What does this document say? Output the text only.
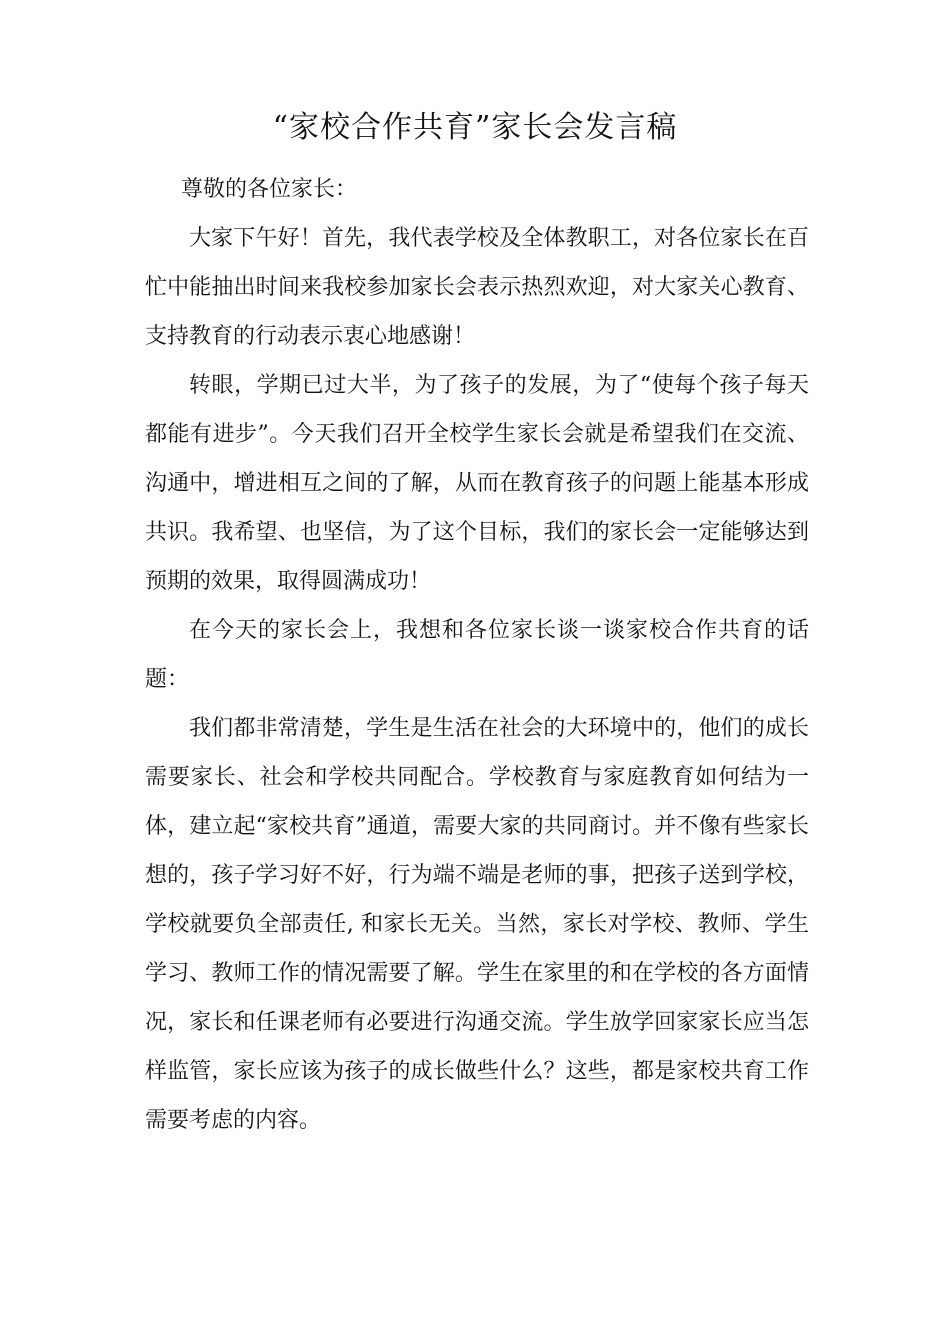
“家校合作共育”家长会发言稿

尊敬的各位家长：

大家下午好！首先，我代表学校及全体教职工，对各位家长在百忙中能抽出时间来我校参加家长会表示热烈欢迎，对大家关心教育、支持教育的行动表示衷心地感谢！

转眼，学期已过大半，为了孩子的发展，为了“使每个孩子每天都能有进步”。今天我们召开全校学生家长会就是希望我们在交流、沟通中，增进相互之间的了解，从而在教育孩子的问题上能基本形成共识。我希望、也坚信，为了这个目标，我们的家长会一定能够达到预期的效果，取得圆满成功！

在今天的家长会上，我想和各位家长谈一谈家校合作共育的话题：

我们都非常清楚，学生是生活在社会的大环境中的，他们的成长需要家长、社会和学校共同配合。学校教育与家庭教育如何结为一体，建立起“家校共育”通道，需要大家的共同商讨。并不像有些家长想的，孩子学习好不好，行为端不端是老师的事，把孩子送到学校，学校就要负全部责任, 和家长无关。当然，家长对学校、教师、学生学习、教师工作的情况需要了解。学生在家里的和在学校的各方面情况，家长和任课老师有必要进行沟通交流。学生放学回家家长应当怎样监管，家长应该为孩子的成长做些什么？这些，都是家校共育工作需要考虑的内容。
